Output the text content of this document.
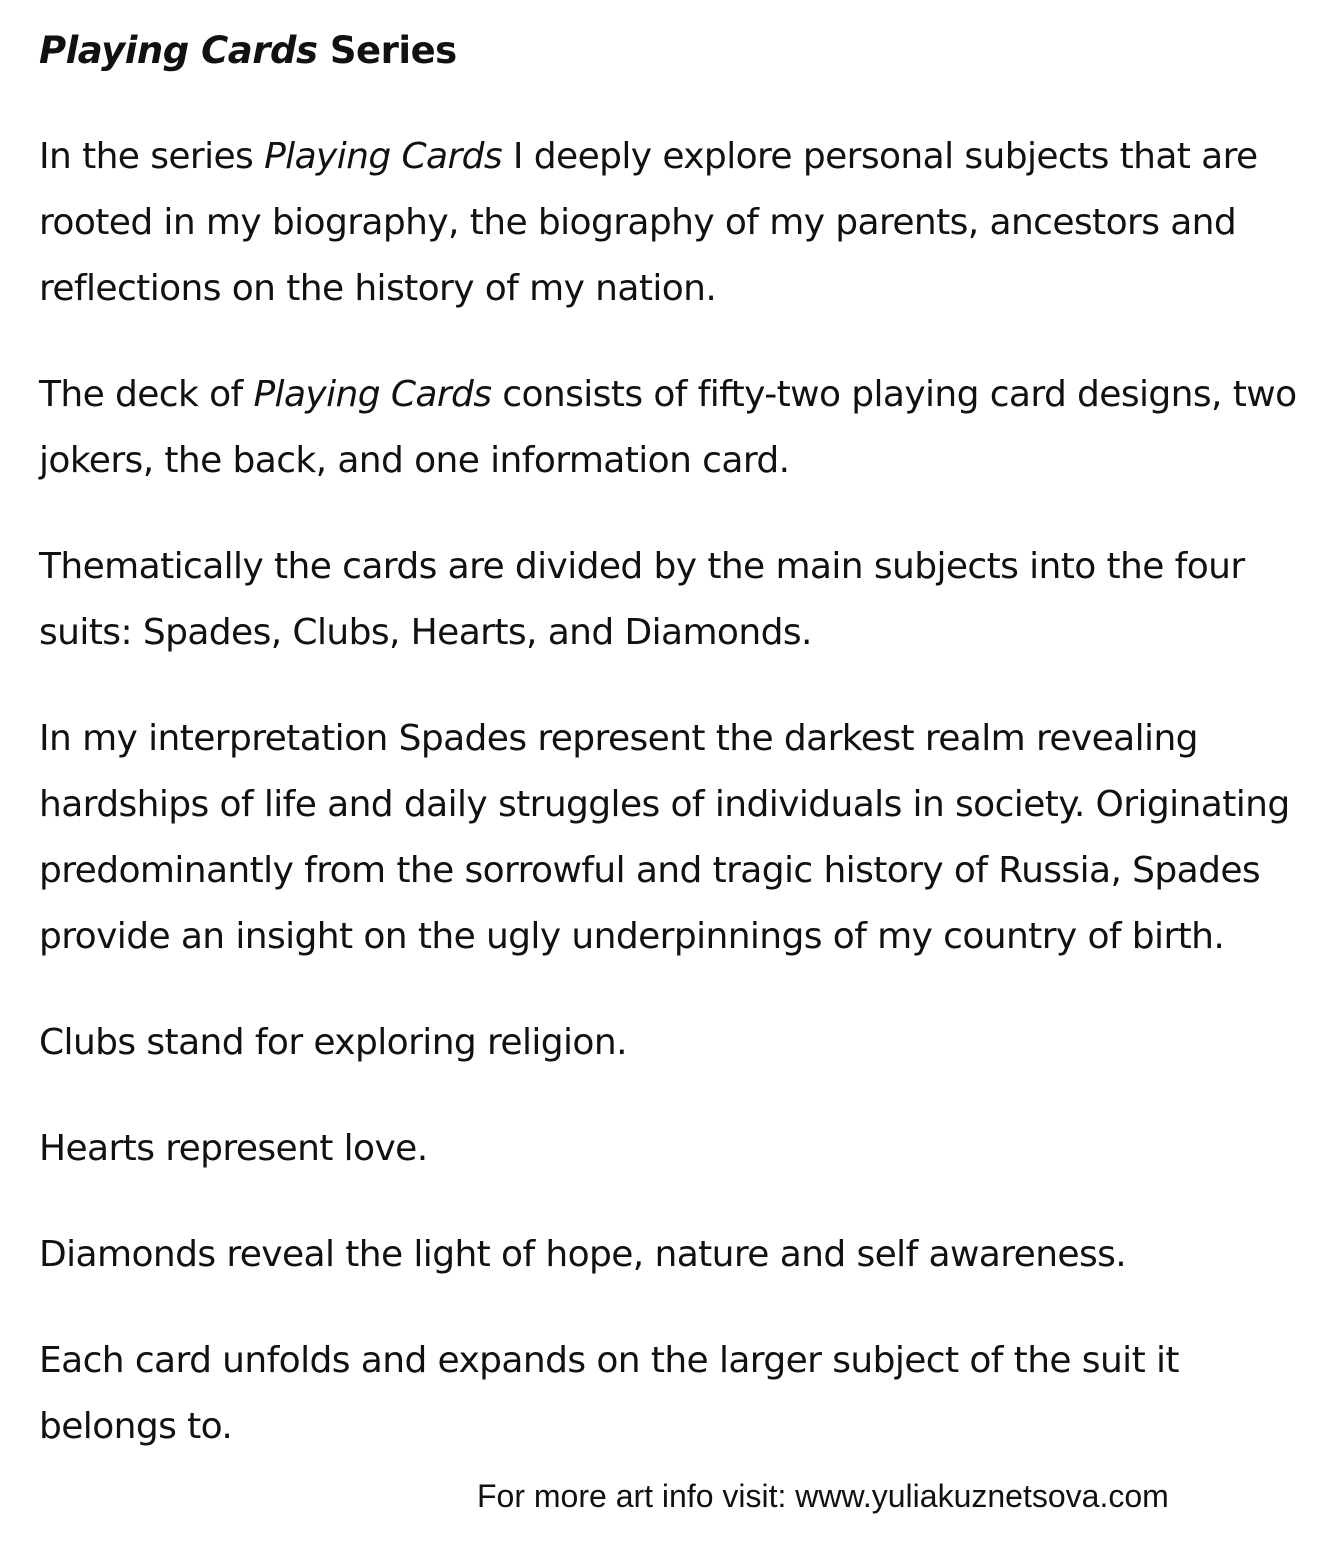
Playing Cards Series

In the series Playing Cards I deeply explore personal subjects that are rooted in my biography, the biography of my parents, ancestors and reflections on the history of my nation.

The deck of Playing Cards consists of fifty-two playing card designs, two jokers, the back, and one information card.

Thematically the cards are divided by the main subjects into the four suits: Spades, Clubs, Hearts, and Diamonds.

In my interpretation Spades represent the darkest realm revealing hardships of life and daily struggles of individuals in society. Originating predominantly from the sorrowful and tragic history of Russia, Spades provide an insight on the ugly underpinnings of my country of birth.

Clubs stand for exploring religion.

Hearts represent love.

Diamonds reveal the light of hope, nature and self awareness.

Each card unfolds and expands on the larger subject of the suit it belongs to.

For more art info visit: www.yuliakuznetsova.com
